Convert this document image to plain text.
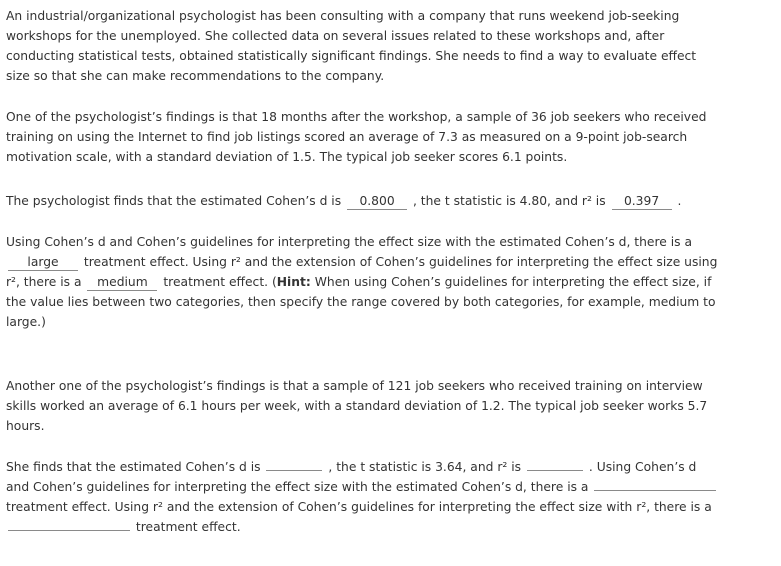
An industrial/organizational psychologist has been consulting with a company that runs weekend job-seeking workshops for the unemployed. She collected data on several issues related to these workshops and, after conducting statistical tests, obtained statistically significant findings. She needs to find a way to evaluate effect size so that she can make recommendations to the company.

One of the psychologist’s findings is that 18 months after the workshop, a sample of 36 job seekers who received training on using the Internet to find job listings scored an average of 7.3 as measured on a 9-point job-search motivation scale, with a standard deviation of 1.5. The typical job seeker scores 6.1 points.

The psychologist finds that the estimated Cohen’s d is 0.800 , the t statistic is 4.80, and r² is 0.397 .

Using Cohen’s d and Cohen’s guidelines for interpreting the effect size with the estimated Cohen’s d, there is a large treatment effect. Using r² and the extension of Cohen’s guidelines for interpreting the effect size using r², there is a medium treatment effect. (Hint: When using Cohen’s guidelines for interpreting the effect size, if the value lies between two categories, then specify the range covered by both categories, for example, medium to large.)

Another one of the psychologist’s findings is that a sample of 121 job seekers who received training on interview skills worked an average of 6.1 hours per week, with a standard deviation of 1.2. The typical job seeker works 5.7 hours.

She finds that the estimated Cohen’s d is	, the t statistic is 3.64, and r² is	. Using Cohen’s d and Cohen’s guidelines for interpreting the effect size with the estimated Cohen’s d, there is a  treatment effect. Using r² and the extension of Cohen’s guidelines for interpreting the effect size with r², there is a  treatment effect.
